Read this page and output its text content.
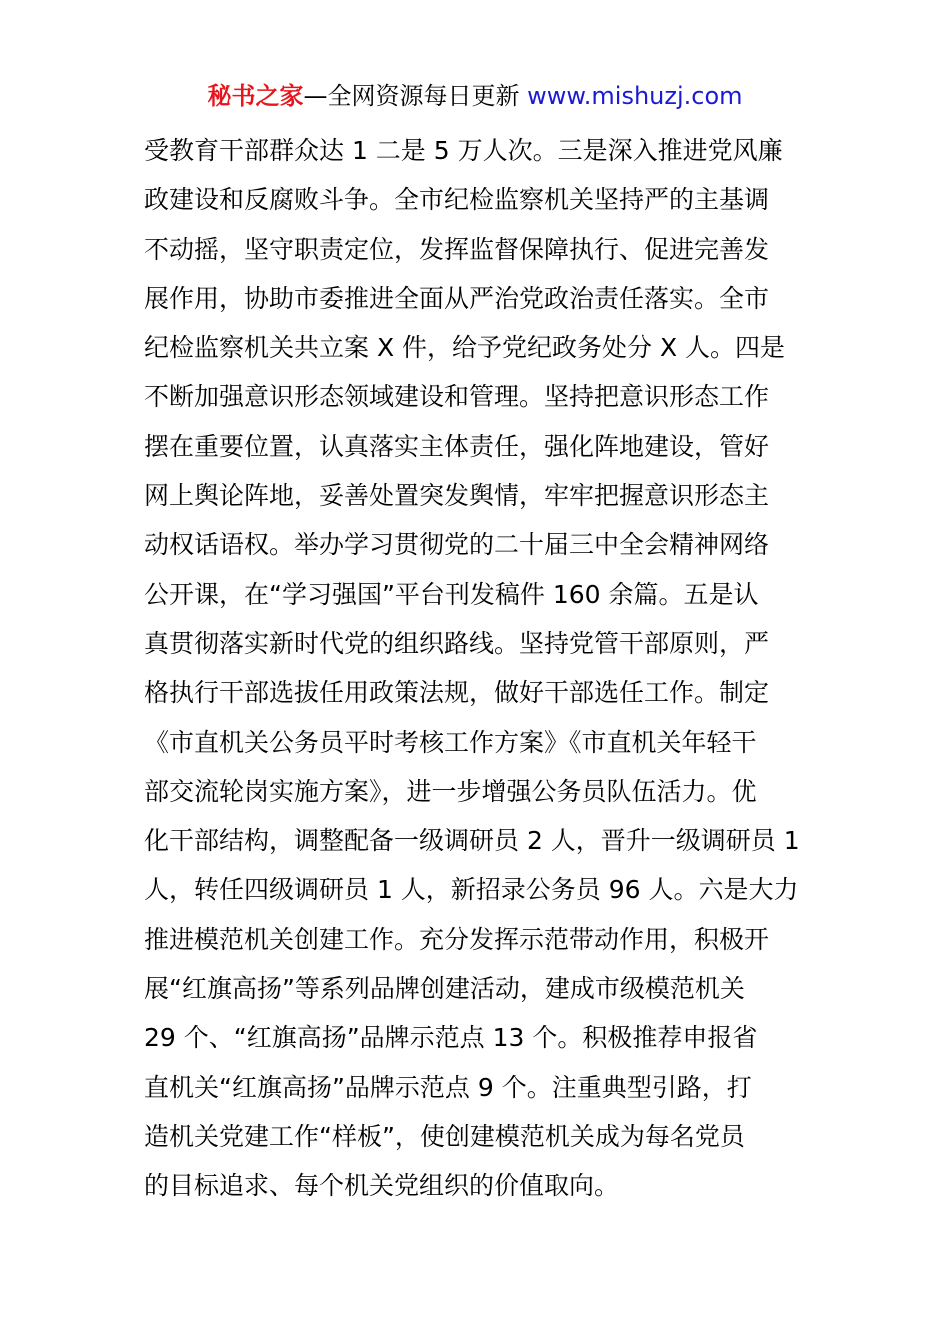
秘书之家—全网资源每日更新 www.mishuzj.com
受教育干部群众达 1 二是 5 万人次。三是深入推进党风廉
政建设和反腐败斗争。全市纪检监察机关坚持严的主基调
不动摇，坚守职责定位，发挥监督保障执行、促进完善发
展作用，协助市委推进全面从严治党政治责任落实。全市
纪检监察机关共立案 X 件，给予党纪政务处分 X 人。四是
不断加强意识形态领域建设和管理。坚持把意识形态工作
摆在重要位置，认真落实主体责任，强化阵地建设，管好
网上舆论阵地，妥善处置突发舆情，牢牢把握意识形态主
动权话语权。举办学习贯彻党的二十届三中全会精神网络
公开课，在“学习强国”平台刊发稿件 160 余篇。五是认
真贯彻落实新时代党的组织路线。坚持党管干部原则，严
格执行干部选拔任用政策法规，做好干部选任工作。制定
《市直机关公务员平时考核工作方案》《市直机关年轻干
部交流轮岗实施方案》，进一步增强公务员队伍活力。优
化干部结构，调整配备一级调研员 2 人，晋升一级调研员 1
人，转任四级调研员 1 人，新招录公务员 96 人。六是大力
推进模范机关创建工作。充分发挥示范带动作用，积极开
展“红旗高扬”等系列品牌创建活动，建成市级模范机关
29 个、“红旗高扬”品牌示范点 13 个。积极推荐申报省
直机关“红旗高扬”品牌示范点 9 个。注重典型引路，打
造机关党建工作“样板”，使创建模范机关成为每名党员
的目标追求、每个机关党组织的价值取向。
